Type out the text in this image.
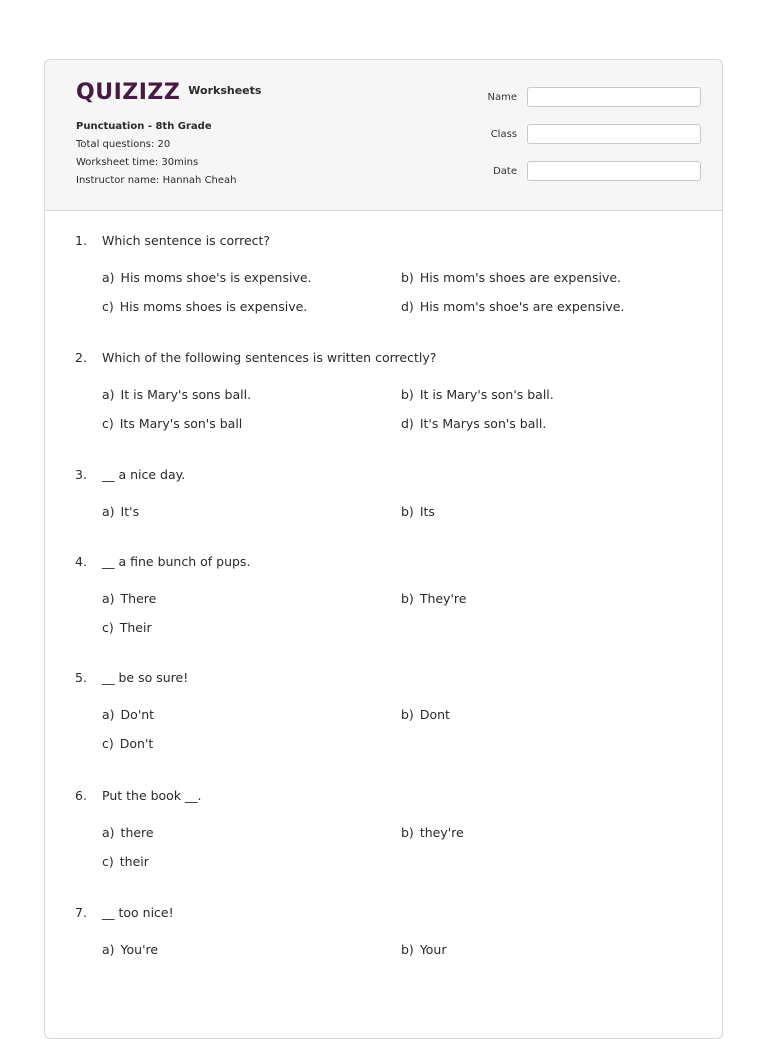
QUIZIZZ Worksheets
Punctuation - 8th Grade
Total questions: 20
Worksheet time: 30mins
Instructor name: Hannah Cheah
Name
Class
Date
1.	Which sentence is correct?
a) His moms shoe's is expensive.	b) His mom's shoes are expensive.
c) His moms shoes is expensive.	d) His mom's shoe's are expensive.
2.	Which of the following sentences is written correctly?
a) It is Mary's sons ball.	b) It is Mary's son's ball.
c) Its Mary's son's ball	d) It's Marys son's ball.
3.	__ a nice day.
a) It's	b) Its
4.	__ a fine bunch of pups.
a) There	b) They're
c) Their
5.	__ be so sure!
a) Do'nt	b) Dont
c) Don't
6.	Put the book __.
a) there	b) they're
c) their
7.	__ too nice!
a) You're	b) Your
